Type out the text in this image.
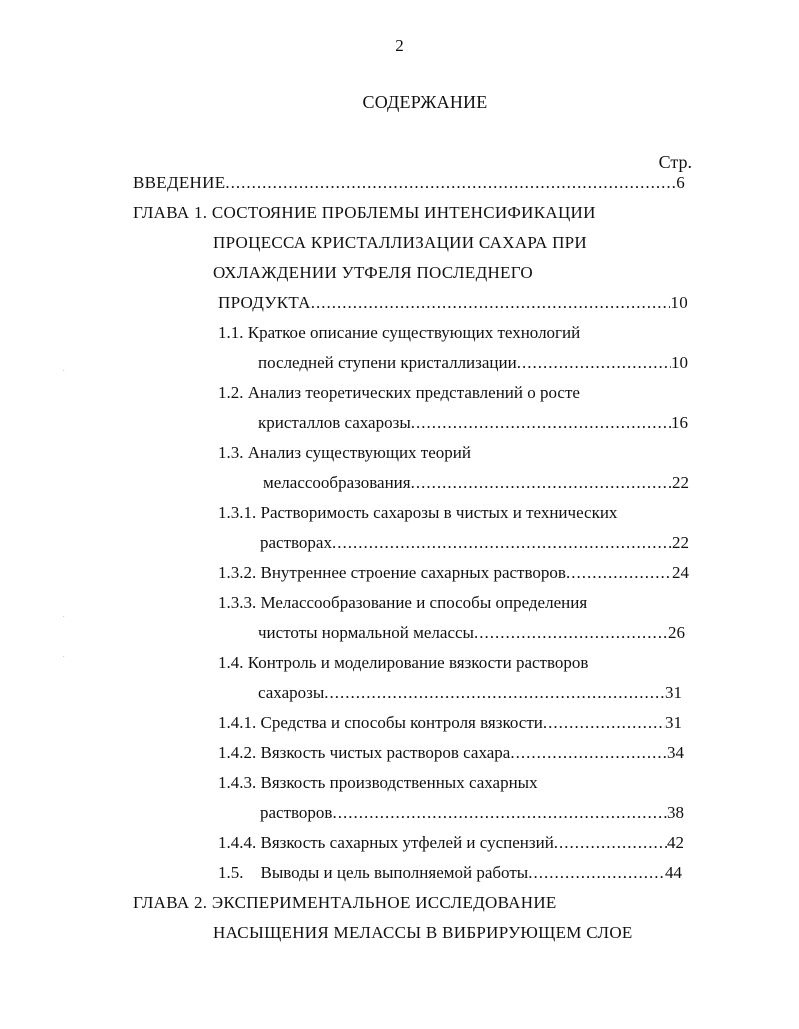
2
СОДЕРЖАНИЕ
Стр.
ВВЕДЕНИЕ .....	6
ГЛАВА 1. СОСТОЯНИЕ ПРОБЛЕМЫ ИНТЕНСИФИКАЦИИ
ПРОЦЕССА КРИСТАЛЛИЗАЦИИ САХАРА ПРИ
ОХЛАЖДЕНИИ УТФЕЛЯ ПОСЛЕДНЕГО
ПРОДУКТА .....	10
1.1. Краткое описание существующих технологий
последней ступени кристаллизации .....	10
1.2. Анализ теоретических представлений о росте
кристаллов сахарозы .....	16
1.3. Анализ существующих теорий
мелассообразования .....	22
1.3.1. Растворимость сахарозы в чистых и технических
растворах .....	22
1.3.2. Внутреннее строение сахарных растворов .....	24
1.3.3. Мелассообразование и способы определения
чистоты нормальной мелассы .....	26
1.4. Контроль и моделирование вязкости растворов
сахарозы .....	31
1.4.1. Средства и способы контроля вязкости .....	31
1.4.2. Вязкость чистых растворов сахара .....	34
1.4.3. Вязкость производственных сахарных
растворов .....	38
1.4.4. Вязкость сахарных утфелей и суспензий .....	42
1.5.    Выводы и цель выполняемой работы .....	44
ГЛАВА 2. ЭКСПЕРИМЕНТАЛЬНОЕ ИССЛЕДОВАНИЕ
НАСЫЩЕНИЯ МЕЛАССЫ В ВИБРИРУЮЩЕМ СЛОЕ
·
·
·
